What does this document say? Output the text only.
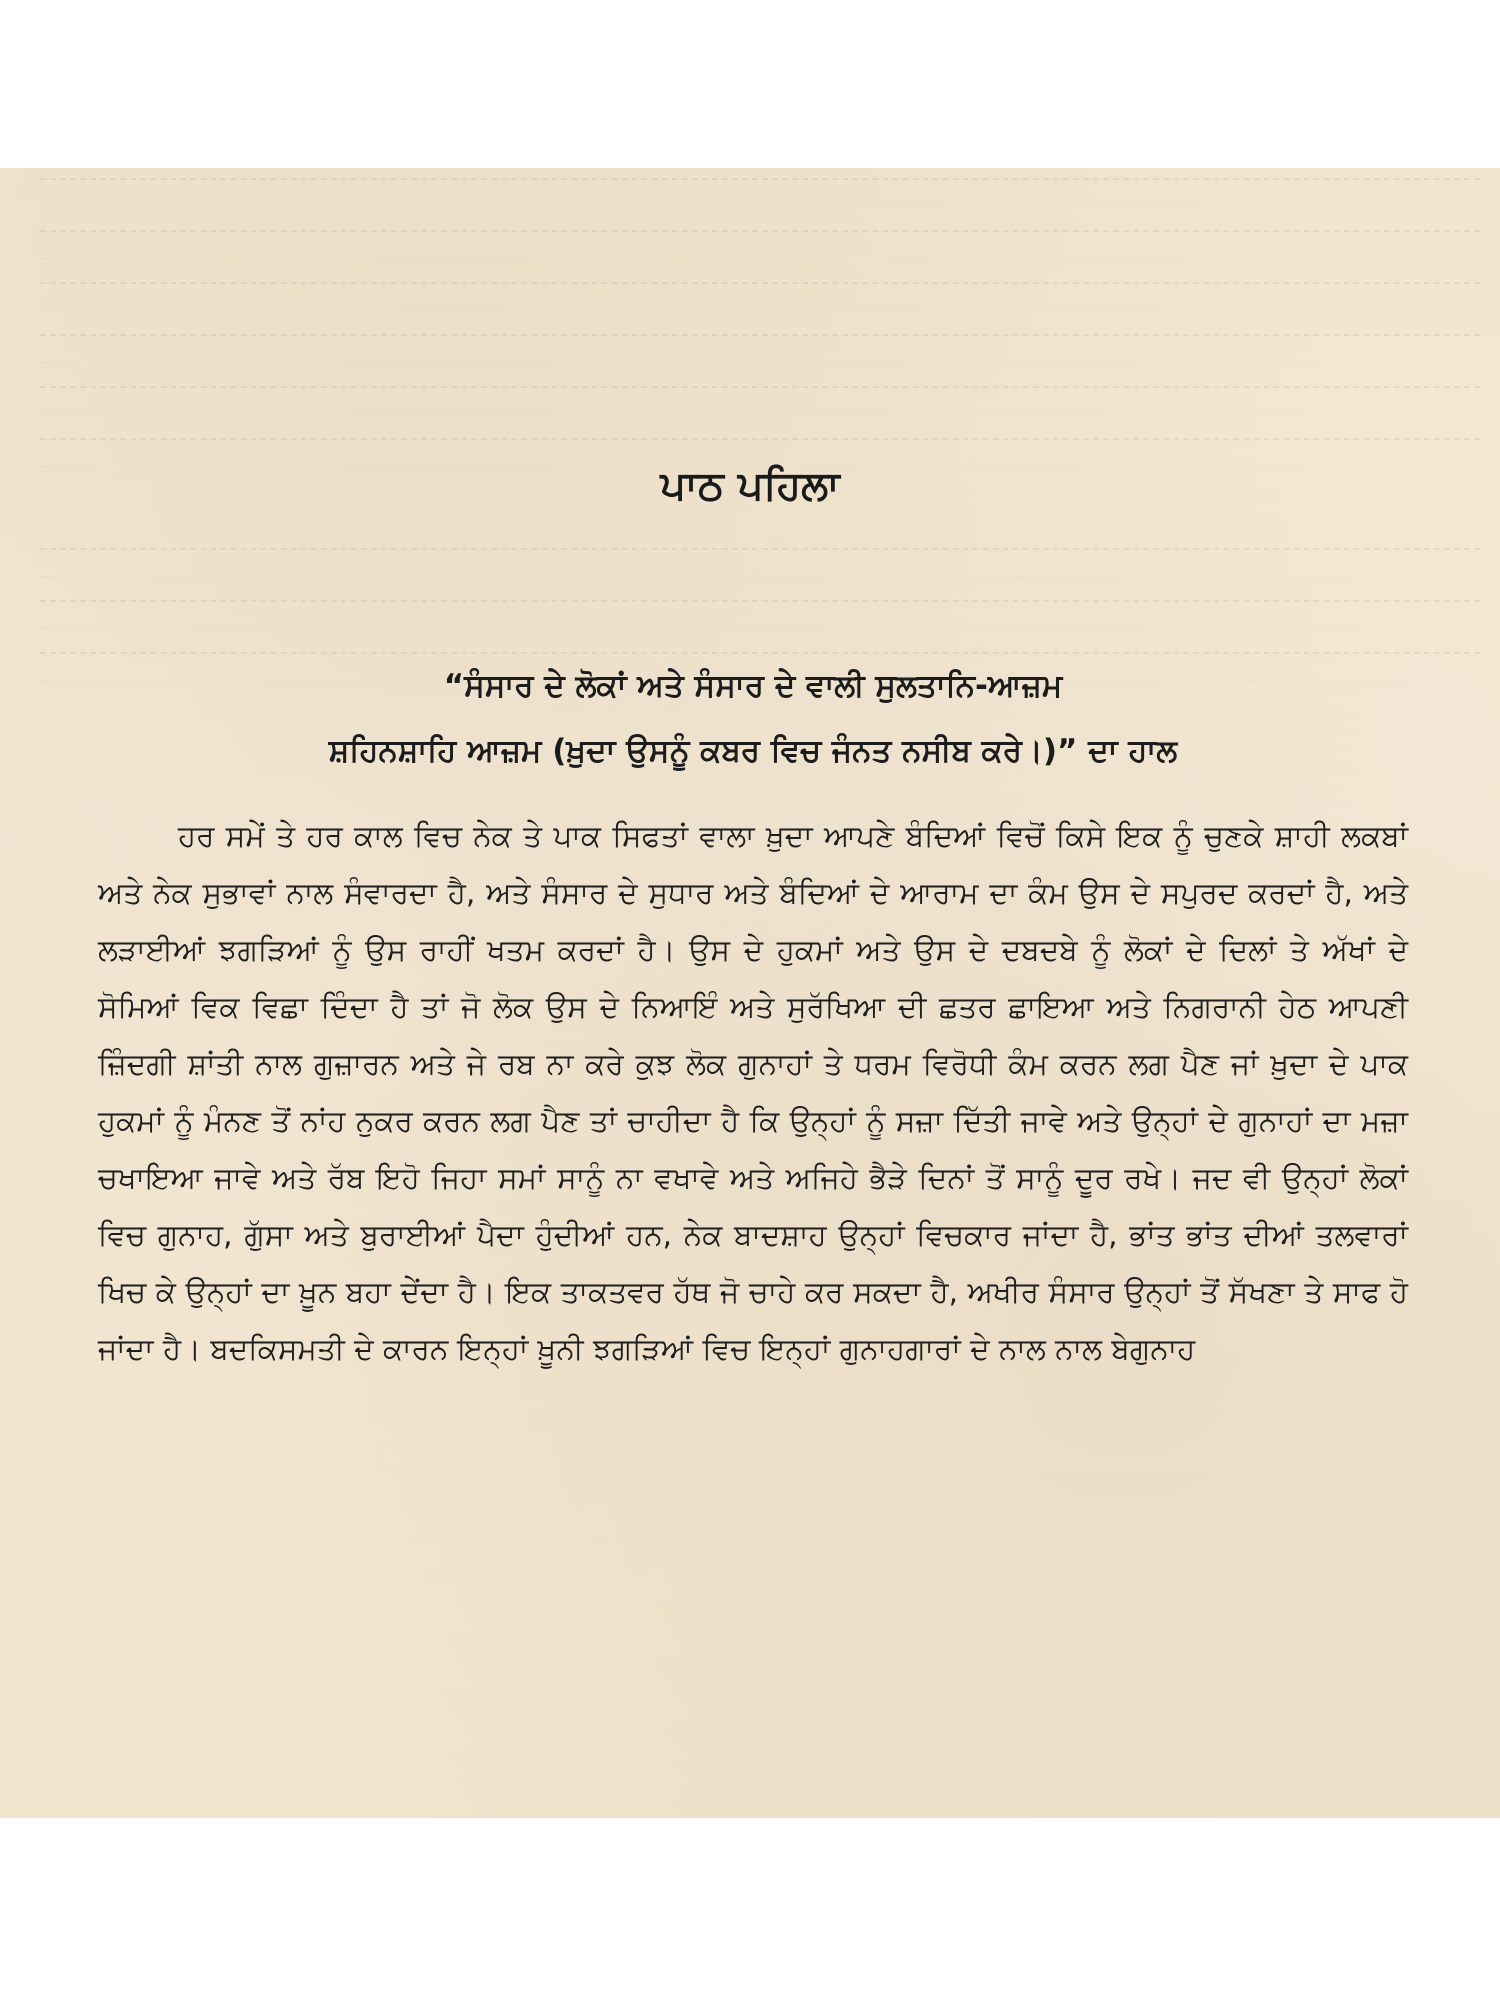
ਪਾਠ ਪਹਿਲਾ
“ਸੰਸਾਰ ਦੇ ਲੋਕਾਂ ਅਤੇ ਸੰਸਾਰ ਦੇ ਵਾਲੀ ਸੁਲਤਾਨਿ-ਆਜ਼ਮ
ਸ਼ਹਿਨਸ਼ਾਹਿ ਆਜ਼ਮ (ਖ਼ੁਦਾ ਉਸਨੂੰ ਕਬਰ ਵਿਚ ਜੰਨਤ ਨਸੀਬ ਕਰੇ।)” ਦਾ ਹਾਲ

ਹਰ ਸਮੇਂ ਤੇ ਹਰ ਕਾਲ ਵਿਚ ਨੇਕ ਤੇ ਪਾਕ ਸਿਫਤਾਂ ਵਾਲਾ ਖ਼ੁਦਾ ਆਪਣੇ ਬੰਦਿਆਂ ਵਿਚੋਂ ਕਿਸੇ ਇਕ ਨੂੰ ਚੁਣਕੇ ਸ਼ਾਹੀ ਲਕਬਾਂ ਅਤੇ ਨੇਕ ਸੁਭਾਵਾਂ ਨਾਲ ਸੰਵਾਰਦਾ ਹੈ, ਅਤੇ ਸੰਸਾਰ ਦੇ ਸੁਧਾਰ ਅਤੇ ਬੰਦਿਆਂ ਦੇ ਆਰਾਮ ਦਾ ਕੰਮ ਉਸ ਦੇ ਸਪੁਰਦ ਕਰਦਾਂ ਹੈ, ਅਤੇ ਲੜਾਈਆਂ ਝਗੜਿਆਂ ਨੂੰ ਉਸ ਰਾਹੀਂ ਖਤਮ ਕਰਦਾਂ ਹੈ। ਉਸ ਦੇ ਹੁਕਮਾਂ ਅਤੇ ਉਸ ਦੇ ਦਬਦਬੇ ਨੂੰ ਲੋਕਾਂ ਦੇ ਦਿਲਾਂ ਤੇ ਅੱਖਾਂ ਦੇ ਸੋਮਿਆਂ ਵਿਕ ਵਿਛਾ ਦਿੰਦਾ ਹੈ ਤਾਂ ਜੋ ਲੋਕ ਉਸ ਦੇ ਨਿਆਇੰ ਅਤੇ ਸੁਰੱਖਿਆ ਦੀ ਛਤਰ ਛਾਇਆ ਅਤੇ ਨਿਗਰਾਨੀ ਹੇਠ ਆਪਣੀ ਜ਼ਿੰਦਗੀ ਸ਼ਾਂਤੀ ਨਾਲ ਗੁਜ਼ਾਰਨ ਅਤੇ ਜੇ ਰਬ ਨਾ ਕਰੇ ਕੁਝ ਲੋਕ ਗੁਨਾਹਾਂ ਤੇ ਧਰਮ ਵਿਰੋਧੀ ਕੰਮ ਕਰਨ ਲਗ ਪੈਣ ਜਾਂ ਖ਼ੁਦਾ ਦੇ ਪਾਕ ਹੁਕਮਾਂ ਨੂੰ ਮੰਨਣ ਤੋਂ ਨਾਂਹ ਨੁਕਰ ਕਰਨ ਲਗ ਪੈਣ ਤਾਂ ਚਾਹੀਦਾ ਹੈ ਕਿ ਉਨ੍ਹਾਂ ਨੂੰ ਸਜ਼ਾ ਦਿੱਤੀ ਜਾਵੇ ਅਤੇ ਉਨ੍ਹਾਂ ਦੇ ਗੁਨਾਹਾਂ ਦਾ ਮਜ਼ਾ ਚਖਾਇਆ ਜਾਵੇ ਅਤੇ ਰੱਬ ਇਹੋ ਜਿਹਾ ਸਮਾਂ ਸਾਨੂੰ ਨਾ ਵਖਾਵੇ ਅਤੇ ਅਜਿਹੇ ਭੈੜੇ ਦਿਨਾਂ ਤੋਂ ਸਾਨੂੰ ਦੂਰ ਰਖੇ। ਜਦ ਵੀ ਉਨ੍ਹਾਂ ਲੋਕਾਂ ਵਿਚ ਗੁਨਾਹ, ਗੁੱਸਾ ਅਤੇ ਬੁਰਾਈਆਂ ਪੈਦਾ ਹੁੰਦੀਆਂ ਹਨ, ਨੇਕ ਬਾਦਸ਼ਾਹ ਉਨ੍ਹਾਂ ਵਿਚਕਾਰ ਜਾਂਦਾ ਹੈ, ਭਾਂਤ ਭਾਂਤ ਦੀਆਂ ਤਲਵਾਰਾਂ ਖਿਚ ਕੇ ਉਨ੍ਹਾਂ ਦਾ ਖ਼ੂਨ ਬਹਾ ਦੇਂਦਾ ਹੈ। ਇਕ ਤਾਕਤਵਰ ਹੱਥ ਜੋ ਚਾਹੇ ਕਰ ਸਕਦਾ ਹੈ, ਅਖੀਰ ਸੰਸਾਰ ਉਨ੍ਹਾਂ ਤੋਂ ਸੱਖਣਾ ਤੇ ਸਾਫ ਹੋ ਜਾਂਦਾ ਹੈ। ਬਦਕਿਸਮਤੀ ਦੇ ਕਾਰਨ ਇਨ੍ਹਾਂ ਖ਼ੂਨੀ ਝਗੜਿਆਂ ਵਿਚ ਇਨ੍ਹਾਂ ਗੁਨਾਹਗਾਰਾਂ ਦੇ ਨਾਲ ਨਾਲ ਬੇਗੁਨਾਹ
